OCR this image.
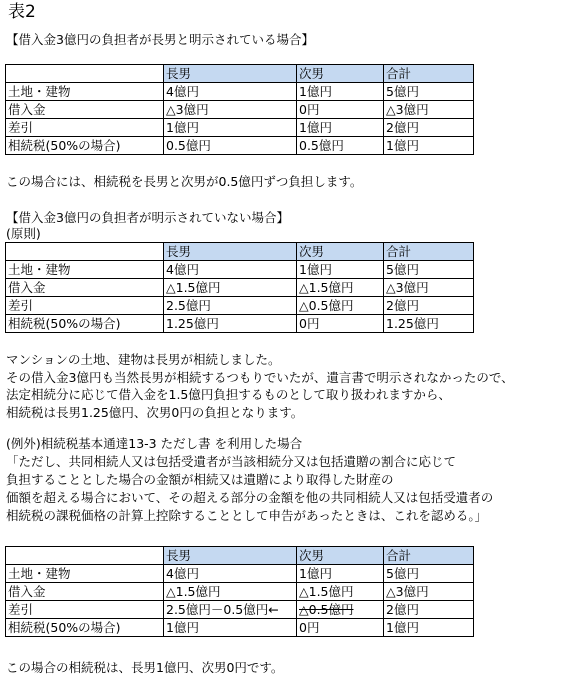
表2
【借入金3億円の負担者が長男と明示されている場合】
	長男	次男	合計
土地・建物	4億円	1億円	5億円
借入金	△3億円	0円	△3億円
差引	1億円	1億円	2億円
相続税(50%の場合)	0.5億円	0.5億円	1億円
この場合には、相続税を長男と次男が0.5億円ずつ負担します。
【借入金3億円の負担者が明示されていない場合】
(原則)
	長男	次男	合計
土地・建物	4億円	1億円	5億円
借入金	△1.5億円	△1.5億円	△3億円
差引	2.5億円	△0.5億円	2億円
相続税(50%の場合)	1.25億円	0円	1.25億円
マンションの土地、建物は長男が相続しました。
その借入金3億円も当然長男が相続するつもりでいたが、遺言書で明示されなかったので、
法定相続分に応じて借入金を1.5億円負担するものとして取り扱われますから、
相続税は長男1.25億円、次男0円の負担となります。
(例外)相続税基本通達13-3 ただし書 を利用した場合
「ただし、共同相続人又は包括受遺者が当該相続分又は包括遺贈の割合に応じて
負担することとした場合の金額が相続又は遺贈により取得した財産の
価額を超える場合において、その超える部分の金額を他の共同相続人又は包括受遺者の
相続税の課税価格の計算上控除することとして申告があったときは、これを認める。」
	長男	次男	合計
土地・建物	4億円	1億円	5億円
借入金	△1.5億円	△1.5億円	△3億円
差引	2.5億円－0.5億円←	△0.5億円	2億円
相続税(50%の場合)	1億円	0円	1億円
この場合の相続税は、長男1億円、次男0円です。
